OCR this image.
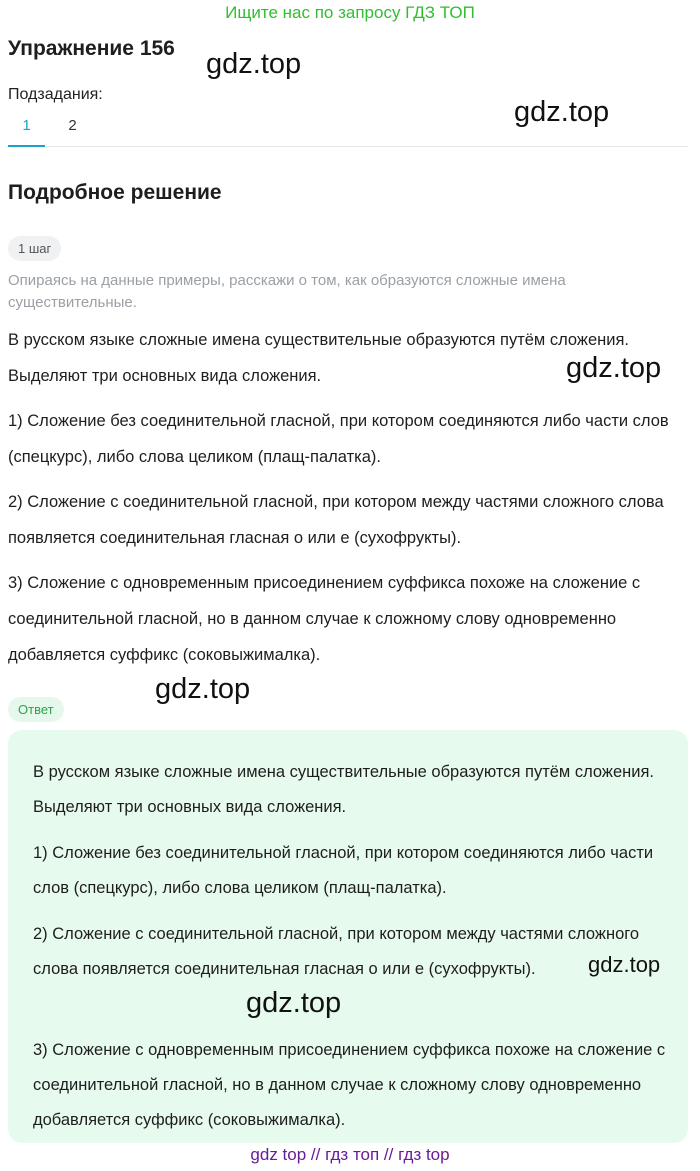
Ищите нас по запросу ГДЗ ТОП
Упражнение 156
Подзадания:
1	2
Подробное решение
1 шаг

Опираясь на данные примеры, расскажи о том, как образуются сложные имена существительные.

В русском языке сложные имена существительные образуются путём сложения. Выделяют три основных вида сложения.

1) Сложение без соединительной гласной, при котором соединяются либо части слов (спецкурс), либо слова целиком (плащ-палатка).

2) Сложение с соединительной гласной, при котором между частями сложного слова появляется соединительная гласная о или е (сухофрукты).

3) Сложение с одновременным присоединением суффикса похоже на сложение с соединительной гласной, но в данном случае к сложному слову одновременно добавляется суффикс (соковыжималка).

Ответ

В русском языке сложные имена существительные образуются путём сложения. Выделяют три основных вида сложения.

1) Сложение без соединительной гласной, при котором соединяются либо части слов (спецкурс), либо слова целиком (плащ-палатка).

2) Сложение с соединительной гласной, при котором между частями сложного слова появляется соединительная гласная о или е (сухофрукты).

3) Сложение с одновременным присоединением суффикса похоже на сложение с соединительной гласной, но в данном случае к сложному слову одновременно добавляется суффикс (соковыжималка).

gdz.top
gdz.top
gdz.top
gdz.top
gdz.top
gdz.top
gdz top // гдз топ // гдз top
